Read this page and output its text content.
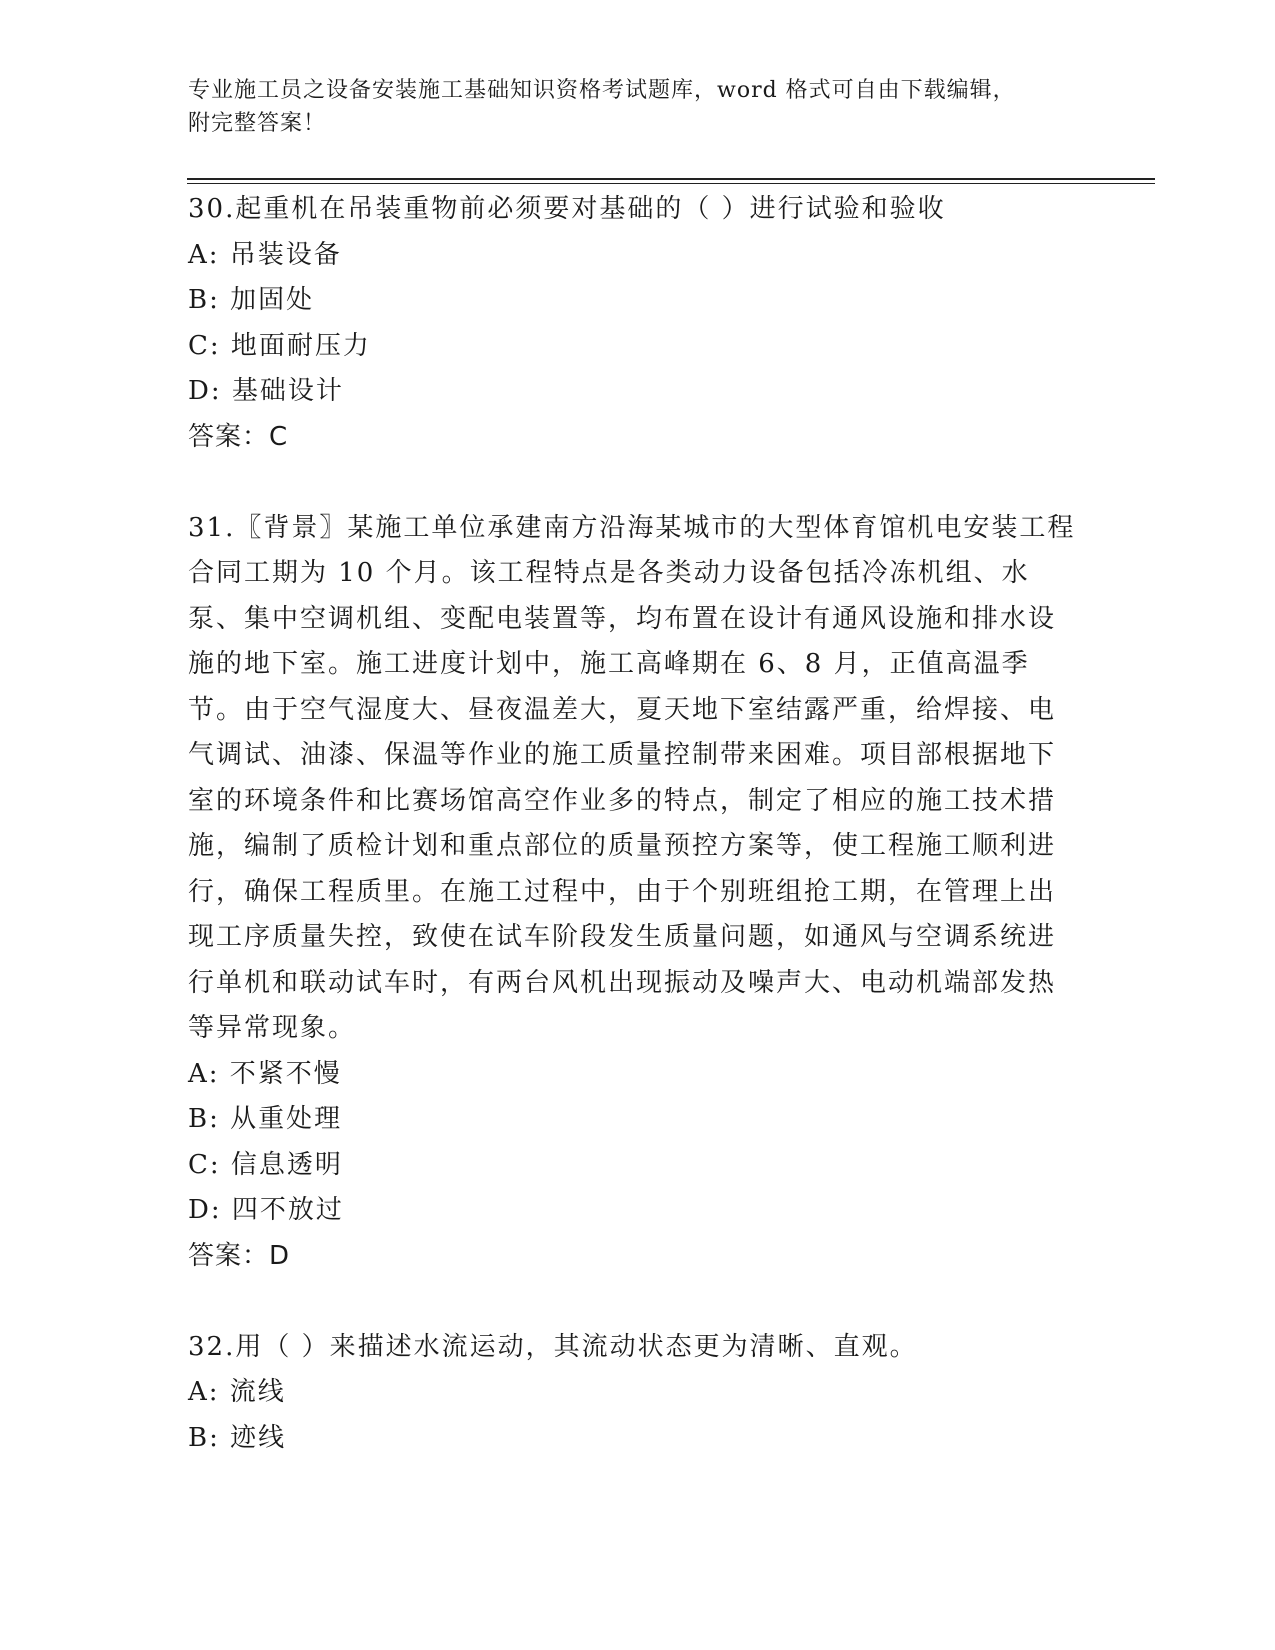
专业施工员之设备安装施工基础知识资格考试题库，word 格式可自由下载编辑，
附完整答案！

30.起重机在吊装重物前必须要对基础的（ ）进行试验和验收

A: 吊装设备

B: 加固处

C: 地面耐压力

D: 基础设计

答案：C

31.〖背景〗某施工单位承建南方沿海某城市的大型体育馆机电安装工程合同工期为 10 个月。该工程特点是各类动力设备包括冷冻机组、水泵、集中空调机组、变配电装置等，均布置在设计有通风设施和排水设施的地下室。施工进度计划中，施工高峰期在 6、8 月，正值高温季节。由于空气湿度大、昼夜温差大，夏天地下室结露严重，给焊接、电气调试、油漆、保温等作业的施工质量控制带来困难。项目部根据地下室的环境条件和比赛场馆高空作业多的特点，制定了相应的施工技术措施，编制了质检计划和重点部位的质量预控方案等，使工程施工顺利进行，确保工程质里。在施工过程中，由于个别班组抢工期，在管理上出现工序质量失控，致使在试车阶段发生质量问题，如通风与空调系统进行单机和联动试车时，有两台风机出现振动及噪声大、电动机端部发热等异常现象。

A: 不紧不慢

B: 从重处理

C: 信息透明

D: 四不放过

答案：D

32.用（ ）来描述水流运动，其流动状态更为清晰、直观。

A: 流线

B: 迹线
